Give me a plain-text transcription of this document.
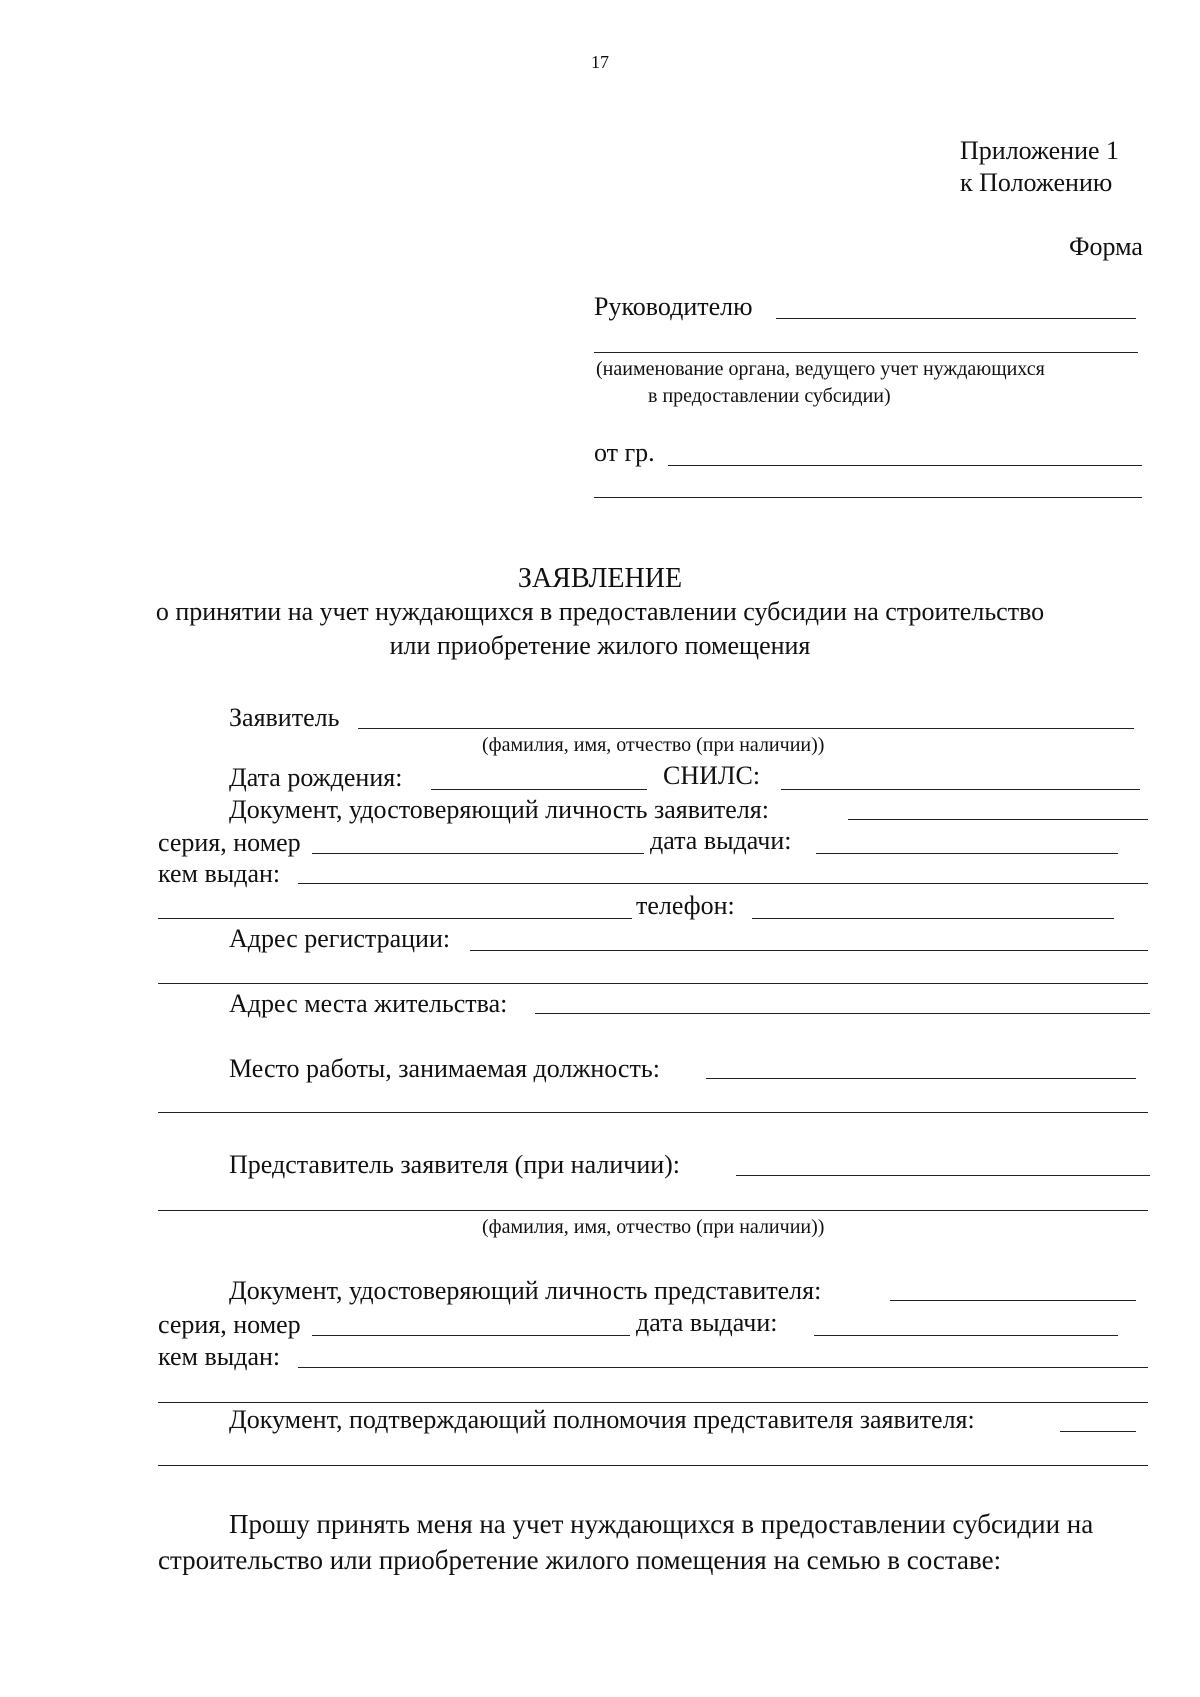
17
Приложение 1
к Положению
Форма
Руководителю
(наименование органа, ведущего учет нуждающихся
в предоставлении субсидии)
от гр.
ЗАЯВЛЕНИЕ
о принятии на учет нуждающихся в предоставлении субсидии на строительство
или приобретение жилого помещения
Заявитель
(фамилия, имя, отчество (при наличии))
Дата рождения:	СНИЛС:
Документ, удостоверяющий личность заявителя:
серия, номер	дата выдачи:
кем выдан:
телефон:
Адрес регистрации:
Адрес места жительства:
Место работы, занимаемая должность:
Представитель заявителя (при наличии):
(фамилия, имя, отчество (при наличии))
Документ, удостоверяющий личность представителя:
серия, номер	дата выдачи:
кем выдан:
Документ, подтверждающий полномочия представителя заявителя:
Прошу принять меня на учет нуждающихся в предоставлении субсидии на
строительство или приобретение жилого помещения на семью в составе:
